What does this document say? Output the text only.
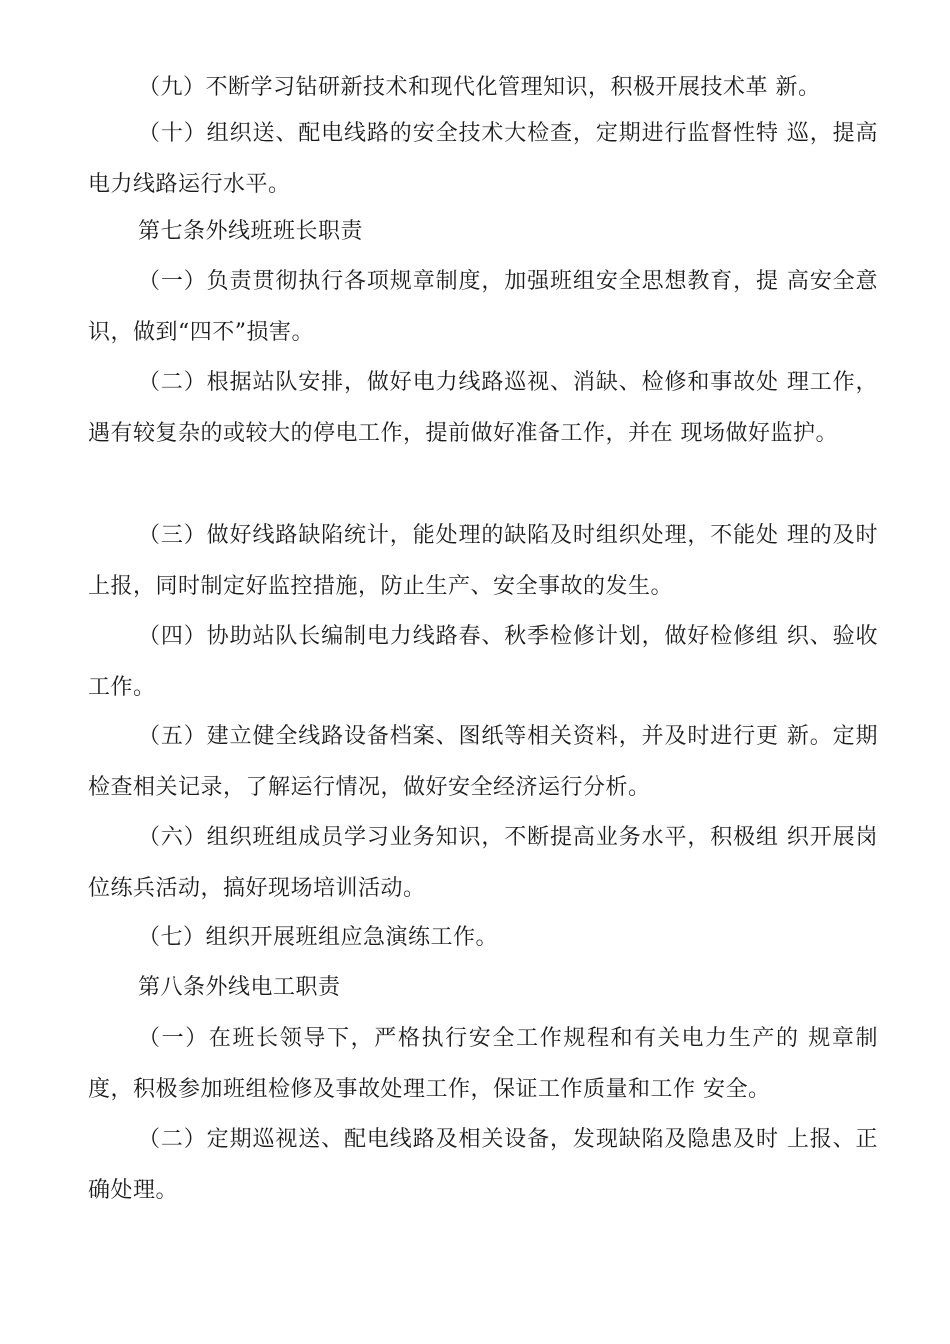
（九）不断学习钻研新技术和现代化管理知识，积极开展技术革 新。

（十）组织送、配电线路的安全技术大检查，定期进行监督性特 巡，提高电力线路运行水平。

第七条外线班班长职责

（一）负责贯彻执行各项规章制度，加强班组安全思想教育，提 高安全意识，做到“四不”损害。

（二）根据站队安排，做好电力线路巡视、消缺、检修和事故处 理工作，遇有较复杂的或较大的停电工作，提前做好准备工作，并在 现场做好监护。

（三）做好线路缺陷统计，能处理的缺陷及时组织处理，不能处 理的及时上报，同时制定好监控措施，防止生产、安全事故的发生。

（四）协助站队长编制电力线路春、秋季检修计划，做好检修组 织、验收工作。

（五）建立健全线路设备档案、图纸等相关资料，并及时进行更 新。定期检查相关记录，了解运行情况，做好安全经济运行分析。

（六）组织班组成员学习业务知识，不断提高业务水平，积极组 织开展岗位练兵活动，搞好现场培训活动。

（七）组织开展班组应急演练工作。

第八条外线电工职责

（一）在班长领导下，严格执行安全工作规程和有关电力生产的 规章制度，积极参加班组检修及事故处理工作，保证工作质量和工作 安全。

（二）定期巡视送、配电线路及相关设备，发现缺陷及隐患及时 上报、正确处理。
